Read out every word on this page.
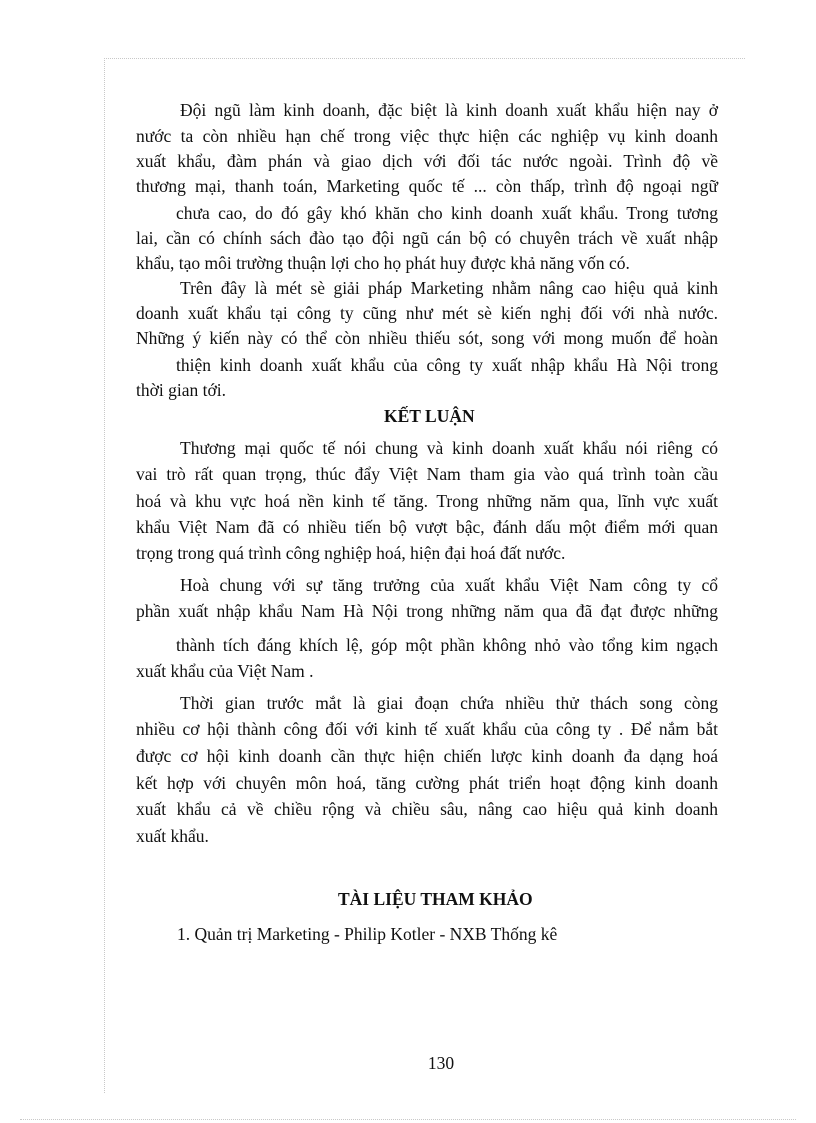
Đội ngũ làm kinh doanh, đặc biệt là kinh doanh xuất khẩu hiện nay ở
nước ta còn nhiều hạn chế trong việc thực hiện các nghiệp vụ kinh doanh
xuất khẩu, đàm phán và giao dịch với đối tác nước ngoài. Trình độ về
thương mại, thanh toán, Marketing quốc tế ... còn thấp, trình độ ngoại ngữ
chưa cao, do đó gây khó khăn cho kinh doanh xuất khẩu. Trong tương
lai, cần có chính sách đào tạo đội ngũ cán bộ có chuyên trách về xuất nhập
khẩu, tạo môi trường thuận lợi cho họ phát huy được khả năng vốn có.
Trên đây là mét sè giải pháp Marketing nhằm nâng cao hiệu quả kinh
doanh xuất khẩu tại công ty cũng như mét sè kiến nghị đối với nhà nước.
Những ý kiến này có thể còn nhiều thiếu sót, song với mong muốn để hoàn
thiện kinh doanh xuất khẩu của công ty xuất nhập khẩu Hà Nội trong
thời gian tới.
KẾT LUẬN
Thương mại quốc tế nói chung và kinh doanh xuất khẩu nói riêng có
vai trò rất quan trọng, thúc đẩy Việt Nam tham gia vào quá trình toàn cầu
hoá và khu vực hoá nền kinh tế tăng. Trong những năm qua, lĩnh vực xuất
khẩu Việt Nam đã có nhiều tiến bộ vượt bậc, đánh dấu một điểm mới quan
trọng trong quá trình công nghiệp hoá, hiện đại hoá đất nước.
Hoà chung với sự tăng trưởng của xuất khẩu Việt Nam công ty cổ
phần xuất nhập khẩu Nam Hà Nội trong những năm qua đã đạt được những
thành tích đáng khích lệ, góp một phần không nhỏ vào tổng kim ngạch
xuất khẩu của Việt Nam .
Thời gian trước mắt là giai đoạn chứa nhiều thử thách song còng
nhiều cơ hội thành công đối với kinh tế xuất khẩu của công ty . Để nắm bắt
được cơ hội kinh doanh cần thực hiện chiến lược kinh doanh đa dạng hoá
kết hợp với chuyên môn hoá, tăng cường phát triển hoạt động kinh doanh
xuất khẩu cả về chiều rộng và chiều sâu, nâng cao hiệu quả kinh doanh
xuất khẩu.
TÀI LIỆU THAM KHẢO
1. Quản trị Marketing - Philip Kotler - NXB Thống kê
130
